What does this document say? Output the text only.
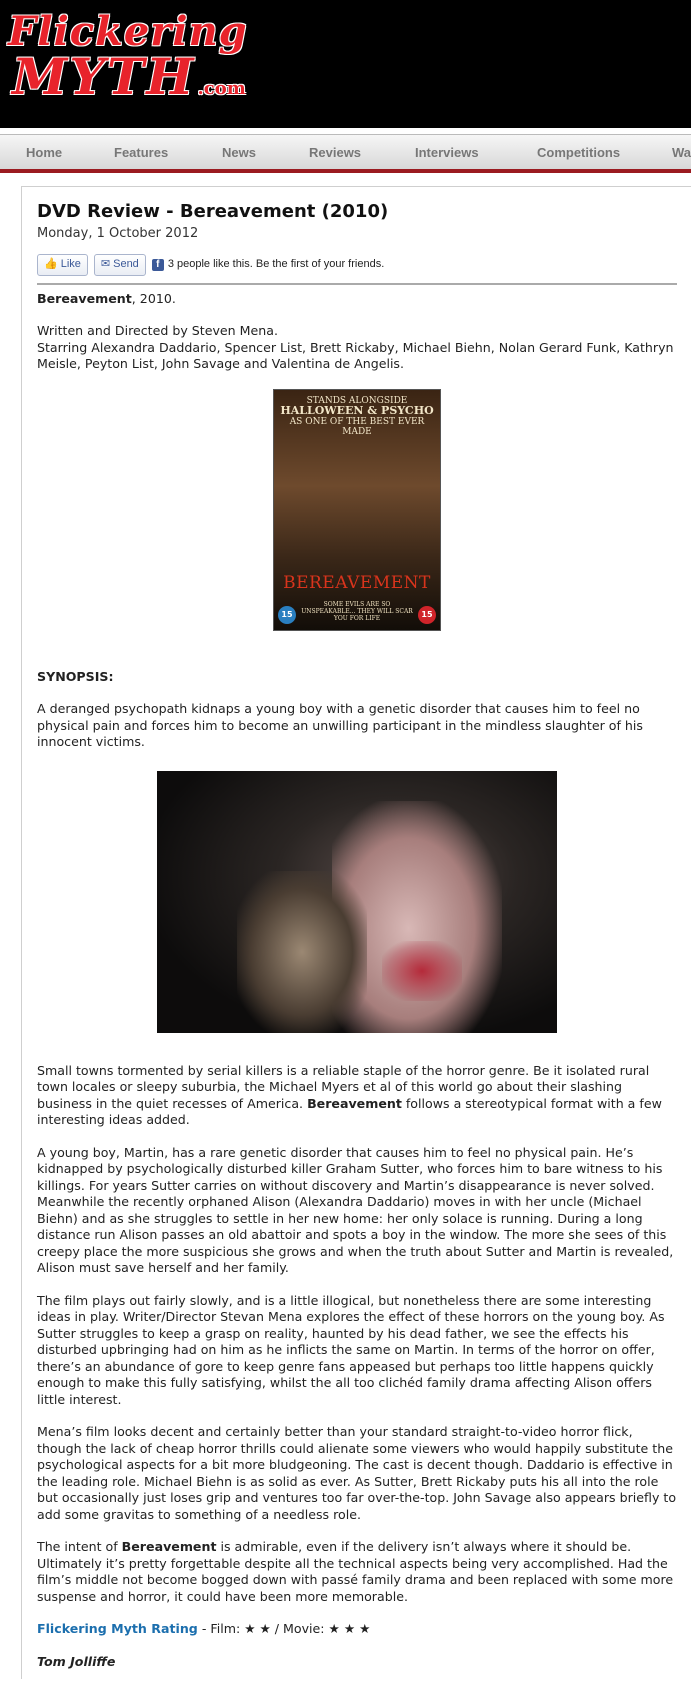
Flickering
MYTH .com
Home	Features	News	Reviews	Interviews	Competitions	Wa
DVD Review - Bereavement (2010)
Monday, 1 October 2012
👍 Like ✉ Send	f 3 people like this. Be the first of your friends.

Bereavement, 2010.

Written and Directed by Steven Mena.
Starring Alexandra Daddario, Spencer List, Brett Rickaby, Michael Biehn, Nolan Gerard Funk, Kathryn Meisle, Peyton List, John Savage and Valentina de Angelis.

STANDS ALONGSIDE HALLOWEEN & PSYCHO
AS ONE OF THE BEST EVER MADE
BEREAVEMENT
15
SOME EVILS ARE SO UNSPEAKABLE... THEY WILL SCAR YOU FOR LIFE	15

SYNOPSIS:

A deranged psychopath kidnaps a young boy with a genetic disorder that causes him to feel no physical pain and forces him to become an unwilling participant in the mindless slaughter of his innocent victims.

Small towns tormented by serial killers is a reliable staple of the horror genre. Be it isolated rural town locales or sleepy suburbia, the Michael Myers et al of this world go about their slashing business in the quiet recesses of America. Bereavement follows a stereotypical format with a few interesting ideas added.

A young boy, Martin, has a rare genetic disorder that causes him to feel no physical pain. He’s kidnapped by psychologically disturbed killer Graham Sutter, who forces him to bare witness to his killings. For years Sutter carries on without discovery and Martin’s disappearance is never solved. Meanwhile the recently orphaned Alison (Alexandra Daddario) moves in with her uncle (Michael Biehn) and as she struggles to settle in her new home: her only solace is running. During a long distance run Alison passes an old abattoir and spots a boy in the window. The more she sees of this creepy place the more suspicious she grows and when the truth about Sutter and Martin is revealed, Alison must save herself and her family.

The film plays out fairly slowly, and is a little illogical, but nonetheless there are some interesting ideas in play. Writer/Director Stevan Mena explores the effect of these horrors on the young boy. As Sutter struggles to keep a grasp on reality, haunted by his dead father, we see the effects his disturbed upbringing had on him as he inflicts the same on Martin. In terms of the horror on offer, there’s an abundance of gore to keep genre fans appeased but perhaps too little happens quickly enough to make this fully satisfying, whilst the all too clichéd family drama affecting Alison offers little interest.

Mena’s film looks decent and certainly better than your standard straight-to-video horror flick, though the lack of cheap horror thrills could alienate some viewers who would happily substitute the psychological aspects for a bit more bludgeoning. The cast is decent though. Daddario is effective in the leading role. Michael Biehn is as solid as ever. As Sutter, Brett Rickaby puts his all into the role but occasionally just loses grip and ventures too far over-the-top. John Savage also appears briefly to add some gravitas to something of a needless role.

The intent of Bereavement is admirable, even if the delivery isn’t always where it should be. Ultimately it’s pretty forgettable despite all the technical aspects being very accomplished. Had the film’s middle not become bogged down with passé family drama and been replaced with some more suspense and horror, it could have been more memorable.

Flickering Myth Rating - Film: ★ ★ / Movie: ★ ★ ★

Tom Jolliffe
